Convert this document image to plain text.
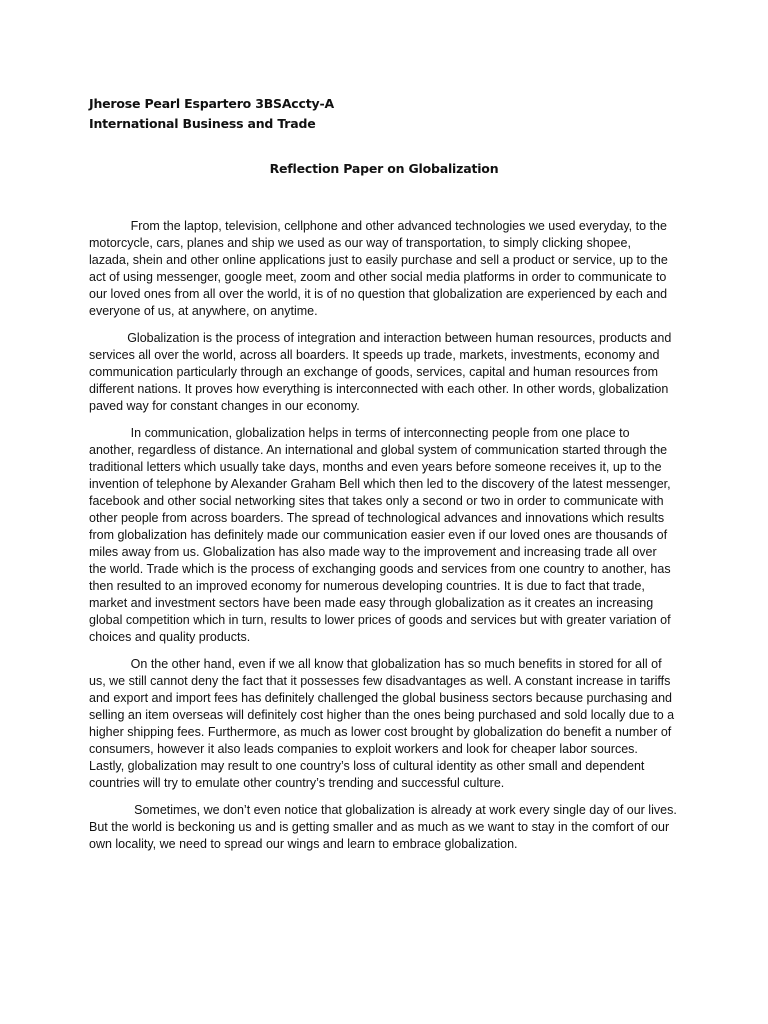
Jherose Pearl Espartero 3BSAccty-A
International Business and Trade
Reflection Paper on Globalization

From the laptop, television, cellphone and other advanced technologies we used everyday, to the
motorcycle, cars, planes and ship we used as our way of transportation, to simply clicking shopee,
lazada, shein and other online applications just to easily purchase and sell a product or service, up to the
act of using messenger, google meet, zoom and other social media platforms in order to communicate to
our loved ones from all over the world, it is of no question that globalization are experienced by each and
everyone of us, at anywhere, on anytime.

Globalization is the process of integration and interaction between human resources, products and
services all over the world, across all boarders. It speeds up trade, markets, investments, economy and
communication particularly through an exchange of goods, services, capital and human resources from
different nations. It proves how everything is interconnected with each other. In other words, globalization
paved way for constant changes in our economy.

In communication, globalization helps in terms of interconnecting people from one place to
another, regardless of distance. An international and global system of communication started through the
traditional letters which usually take days, months and even years before someone receives it, up to the
invention of telephone by Alexander Graham Bell which then led to the discovery of the latest messenger,
facebook and other social networking sites that takes only a second or two in order to communicate with
other people from across boarders. The spread of technological advances and innovations which results
from globalization has definitely made our communication easier even if our loved ones are thousands of
miles away from us. Globalization has also made way to the improvement and increasing trade all over
the world. Trade which is the process of exchanging goods and services from one country to another, has
then resulted to an improved economy for numerous developing countries. It is due to fact that trade,
market and investment sectors have been made easy through globalization as it creates an increasing
global competition which in turn, results to lower prices of goods and services but with greater variation of
choices and quality products.

On the other hand, even if we all know that globalization has so much benefits in stored for all of
us, we still cannot deny the fact that it possesses few disadvantages as well. A constant increase in tariffs
and export and import fees has definitely challenged the global business sectors because purchasing and
selling an item overseas will definitely cost higher than the ones being purchased and sold locally due to a
higher shipping fees. Furthermore, as much as lower cost brought by globalization do benefit a number of
consumers, however it also leads companies to exploit workers and look for cheaper labor sources.
Lastly, globalization may result to one country’s loss of cultural identity as other small and dependent
countries will try to emulate other country’s trending and successful culture.

Sometimes, we don’t even notice that globalization is already at work every single day of our lives.
But the world is beckoning us and is getting smaller and as much as we want to stay in the comfort of our
own locality, we need to spread our wings and learn to embrace globalization.
